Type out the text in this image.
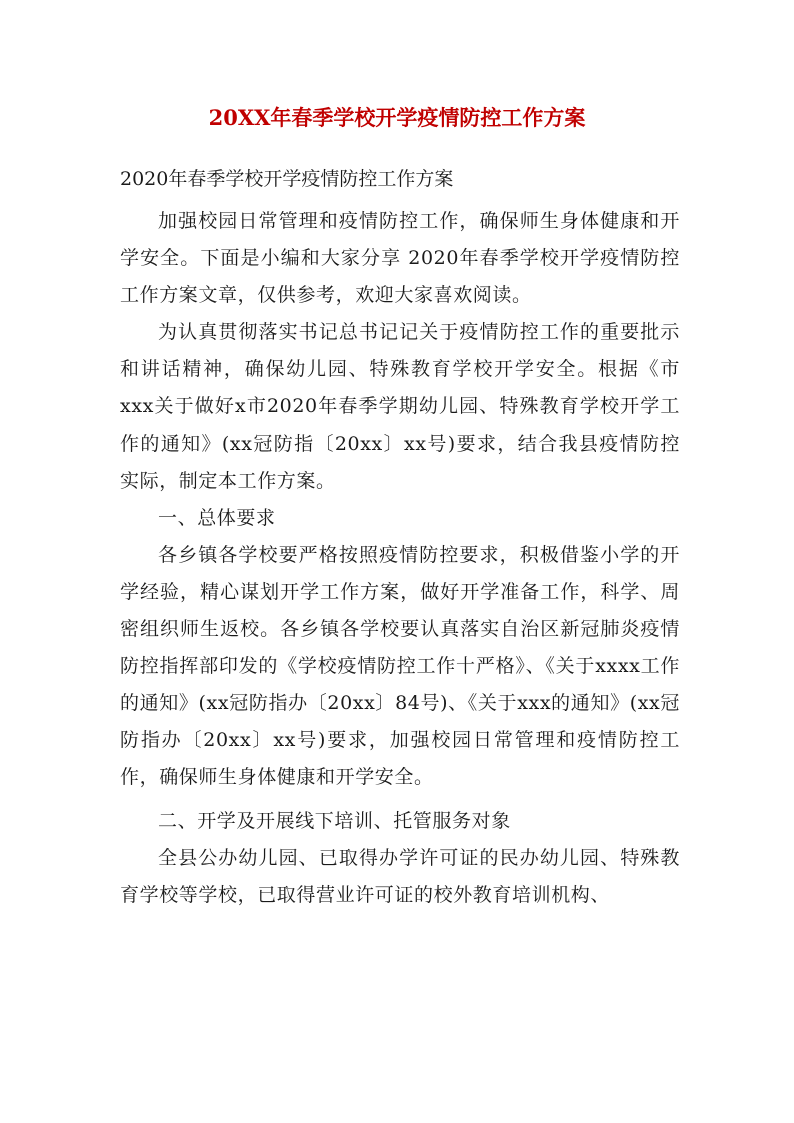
20XX年春季学校开学疫情防控工作方案

2020年春季学校开学疫情防控工作方案

加强校园日常管理和疫情防控工作，确保师生身体健康和开学安全。下面是小编和大家分享 2020年春季学校开学疫情防控工作方案文章，仅供参考，欢迎大家喜欢阅读。

为认真贯彻落实书记总书记记关于疫情防控工作的重要批示和讲话精神，确保幼儿园、特殊教育学校开学安全。根据《市xxx关于做好x市2020年春季学期幼儿园、特殊教育学校开学工作的通知》(xx冠防指〔20xx〕xx号)要求，结合我县疫情防控实际，制定本工作方案。

一、总体要求

各乡镇各学校要严格按照疫情防控要求，积极借鉴小学的开学经验，精心谋划开学工作方案，做好开学准备工作，科学、周密组织师生返校。各乡镇各学校要认真落实自治区新冠肺炎疫情防控指挥部印发的《学校疫情防控工作十严格》、《关于xxxx工作的通知》(xx冠防指办〔20xx〕84号)、《关于xxx的通知》(xx冠防指办〔20xx〕xx号)要求，加强校园日常管理和疫情防控工作，确保师生身体健康和开学安全。

二、开学及开展线下培训、托管服务对象

全县公办幼儿园、已取得办学许可证的民办幼儿园、特殊教育学校等学校，已取得营业许可证的校外教育培训机构、
